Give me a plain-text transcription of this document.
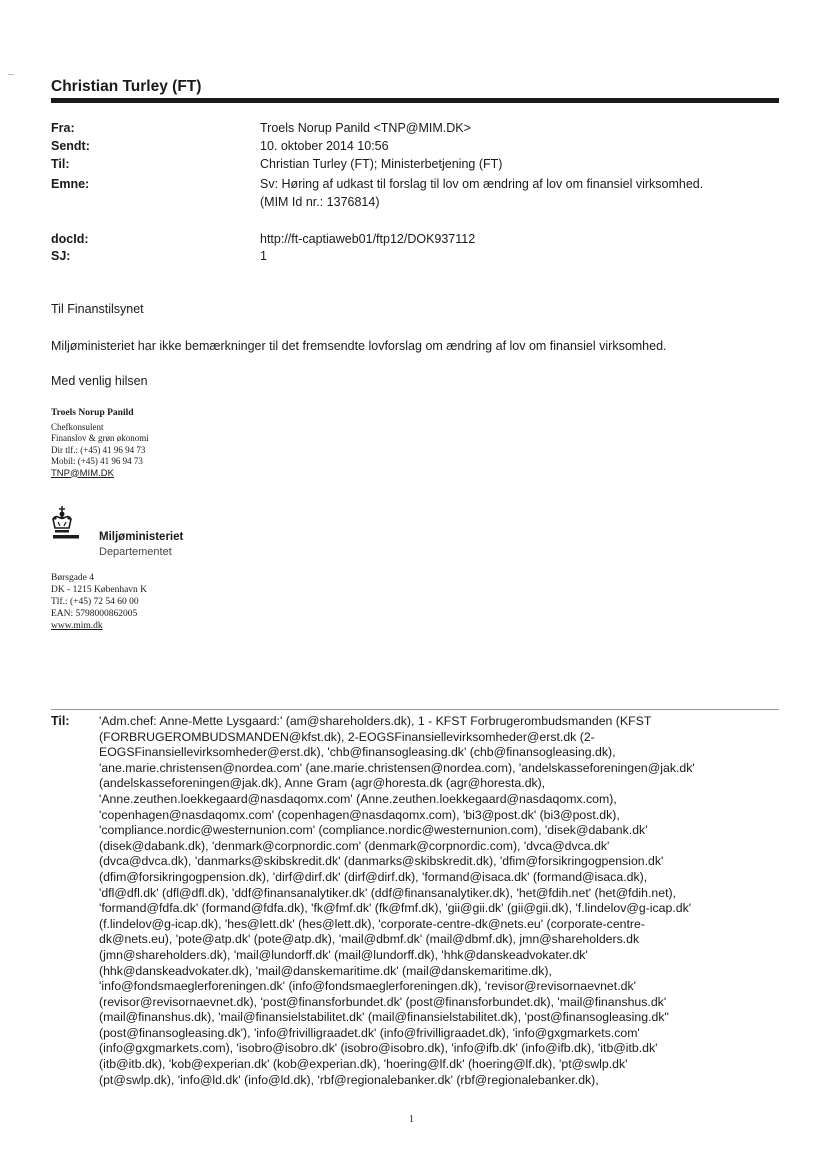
Christian Turley (FT)
Fra:	Troels Norup Panild <TNP@MIM.DK>
Sendt:	10. oktober 2014 10:56
Til:	Christian Turley (FT); Ministerbetjening (FT)
Emne:	Sv: Høring af udkast til forslag til lov om ændring af lov om finansiel virksomhed.
(MIM Id nr.: 1376814)
docId:	http://ft-captiaweb01/ftp12/DOK937112
SJ:	1
Til Finanstilsynet
Miljøministeriet har ikke bemærkninger til det fremsendte lovforslag om ændring af lov om finansiel virksomhed.
Med venlig hilsen
Troels Norup Panild
Chefkonsulent
Finanslov & grøn økonomi
Dir tlf.: (+45) 41 96 94 73
Mobil: (+45) 41 96 94 73
TNP@MIM.DK
Miljøministeriet
Departementet
Børsgade 4
DK - 1215 København K
Tlf.: (+45) 72 54 60 00
EAN: 5798000862005
www.mim.dk
Til: 'Adm.chef: Anne-Mette Lysgaard:' (am@shareholders.dk), 1 - KFST Forbrugerombudsmanden (KFST
(FORBRUGEROMBUDSMANDEN@kfst.dk), 2-EOGSFinansiellevirksomheder@erst.dk (2-
EOGSFinansiellevirksomheder@erst.dk), 'chb@finansogleasing.dk' (chb@finansogleasing.dk),
'ane.marie.christensen@nordea.com' (ane.marie.christensen@nordea.com), 'andelskasseforeningen@jak.dk'
(andelskasseforeningen@jak.dk), Anne Gram (agr@horesta.dk (agr@horesta.dk),
'Anne.zeuthen.loekkegaard@nasdaqomx.com' (Anne.zeuthen.loekkegaard@nasdaqomx.com),
'copenhagen@nasdaqomx.com' (copenhagen@nasdaqomx.com), 'bi3@post.dk' (bi3@post.dk),
'compliance.nordic@westernunion.com' (compliance.nordic@westernunion.com), 'disek@dabank.dk'
(disek@dabank.dk), 'denmark@corpnordic.com' (denmark@corpnordic.com), 'dvca@dvca.dk'
(dvca@dvca.dk), 'danmarks@skibskredit.dk' (danmarks@skibskredit.dk), 'dfim@forsikringogpension.dk'
(dfim@forsikringogpension.dk), 'dirf@dirf.dk' (dirf@dirf.dk), 'formand@isaca.dk' (formand@isaca.dk),
'dfl@dfl.dk' (dfl@dfl.dk), 'ddf@finansanalytiker.dk' (ddf@finansanalytiker.dk), 'het@fdih.net' (het@fdih.net),
'formand@fdfa.dk' (formand@fdfa.dk), 'fk@fmf.dk' (fk@fmf.dk), 'gii@gii.dk' (gii@gii.dk), 'f.lindelov@g-icap.dk'
(f.lindelov@g-icap.dk), 'hes@lett.dk' (hes@lett.dk), 'corporate-centre-dk@nets.eu' (corporate-centre-
dk@nets.eu), 'pote@atp.dk' (pote@atp.dk), 'mail@dbmf.dk' (mail@dbmf.dk), jmn@shareholders.dk
(jmn@shareholders.dk), 'mail@lundorff.dk' (mail@lundorff.dk), 'hhk@danskeadvokater.dk'
(hhk@danskeadvokater.dk), 'mail@danskemaritime.dk' (mail@danskemaritime.dk),
'info@fondsmaeglerforeningen.dk' (info@fondsmaeglerforeningen.dk), 'revisor@revisornaevnet.dk'
(revisor@revisornaevnet.dk), 'post@finansforbundet.dk' (post@finansforbundet.dk), 'mail@finanshus.dk'
(mail@finanshus.dk), 'mail@finansielstabilitet.dk' (mail@finansielstabilitet.dk), 'post@finansogleasing.dk"
(post@finansogleasing.dk'), 'info@frivilligraadet.dk' (info@frivilligraadet.dk), 'info@gxgmarkets.com'
(info@gxgmarkets.com), 'isobro@isobro.dk' (isobro@isobro.dk), 'info@ifb.dk' (info@ifb.dk), 'itb@itb.dk'
(itb@itb.dk), 'kob@experian.dk' (kob@experian.dk), 'hoering@lf.dk' (hoering@lf.dk), 'pt@swlp.dk'
(pt@swlp.dk), 'info@ld.dk' (info@ld.dk), 'rbf@regionalebanker.dk' (rbf@regionalebanker.dk),
1
